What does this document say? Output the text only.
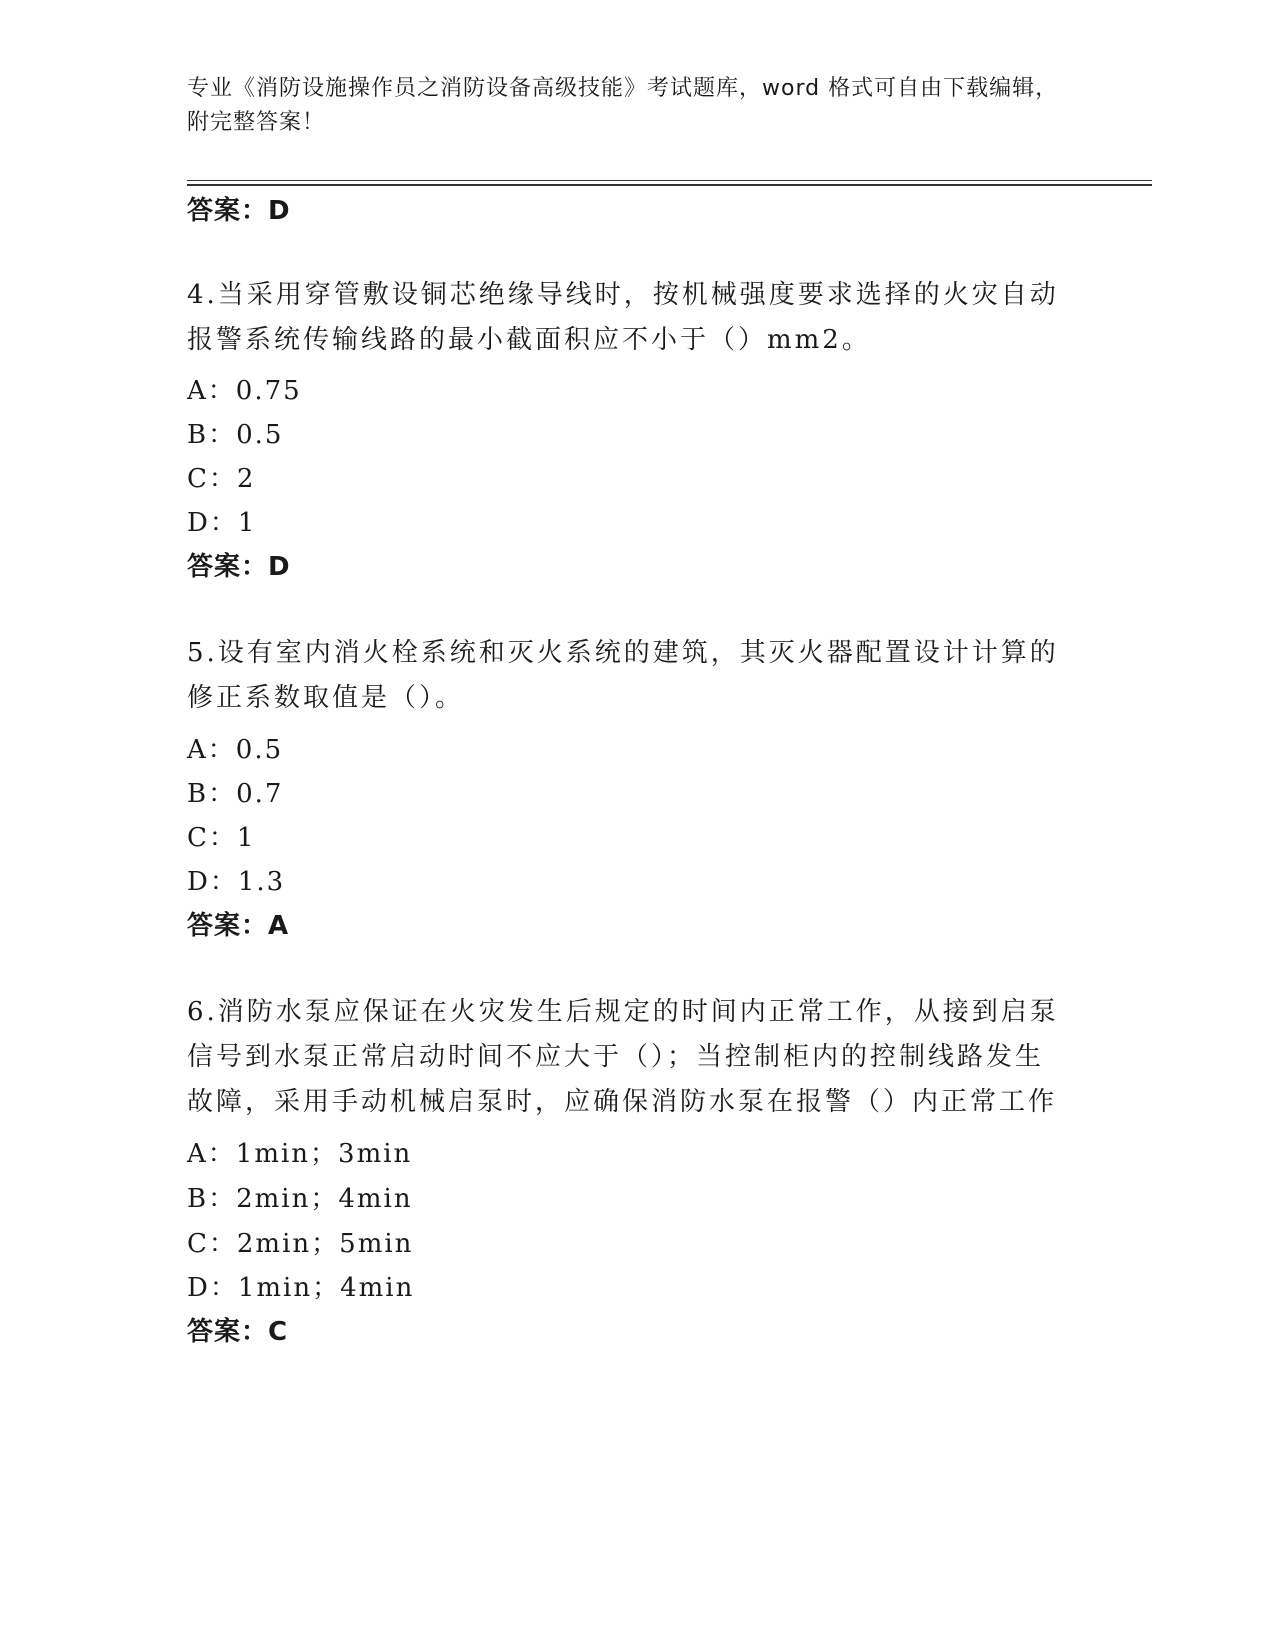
专业《消防设施操作员之消防设备高级技能》考试题库，word 格式可自由下载编辑，附完整答案！
答案：D
4.当采用穿管敷设铜芯绝缘导线时，按机械强度要求选择的火灾自动报警系统传输线路的最小截面积应不小于（）mm2。
A：0.75
B：0.5
C：2
D：1
答案：D
5.设有室内消火栓系统和灭火系统的建筑，其灭火器配置设计计算的修正系数取值是（）。
A：0.5
B：0.7
C：1
D：1.3
答案：A
6.消防水泵应保证在火灾发生后规定的时间内正常工作，从接到启泵信号到水泵正常启动时间不应大于（）；当控制柜内的控制线路发生故障，采用手动机械启泵时，应确保消防水泵在报警（）内正常工作
A：1min；3min
B：2min；4min
C：2min；5min
D：1min；4min
答案：C
